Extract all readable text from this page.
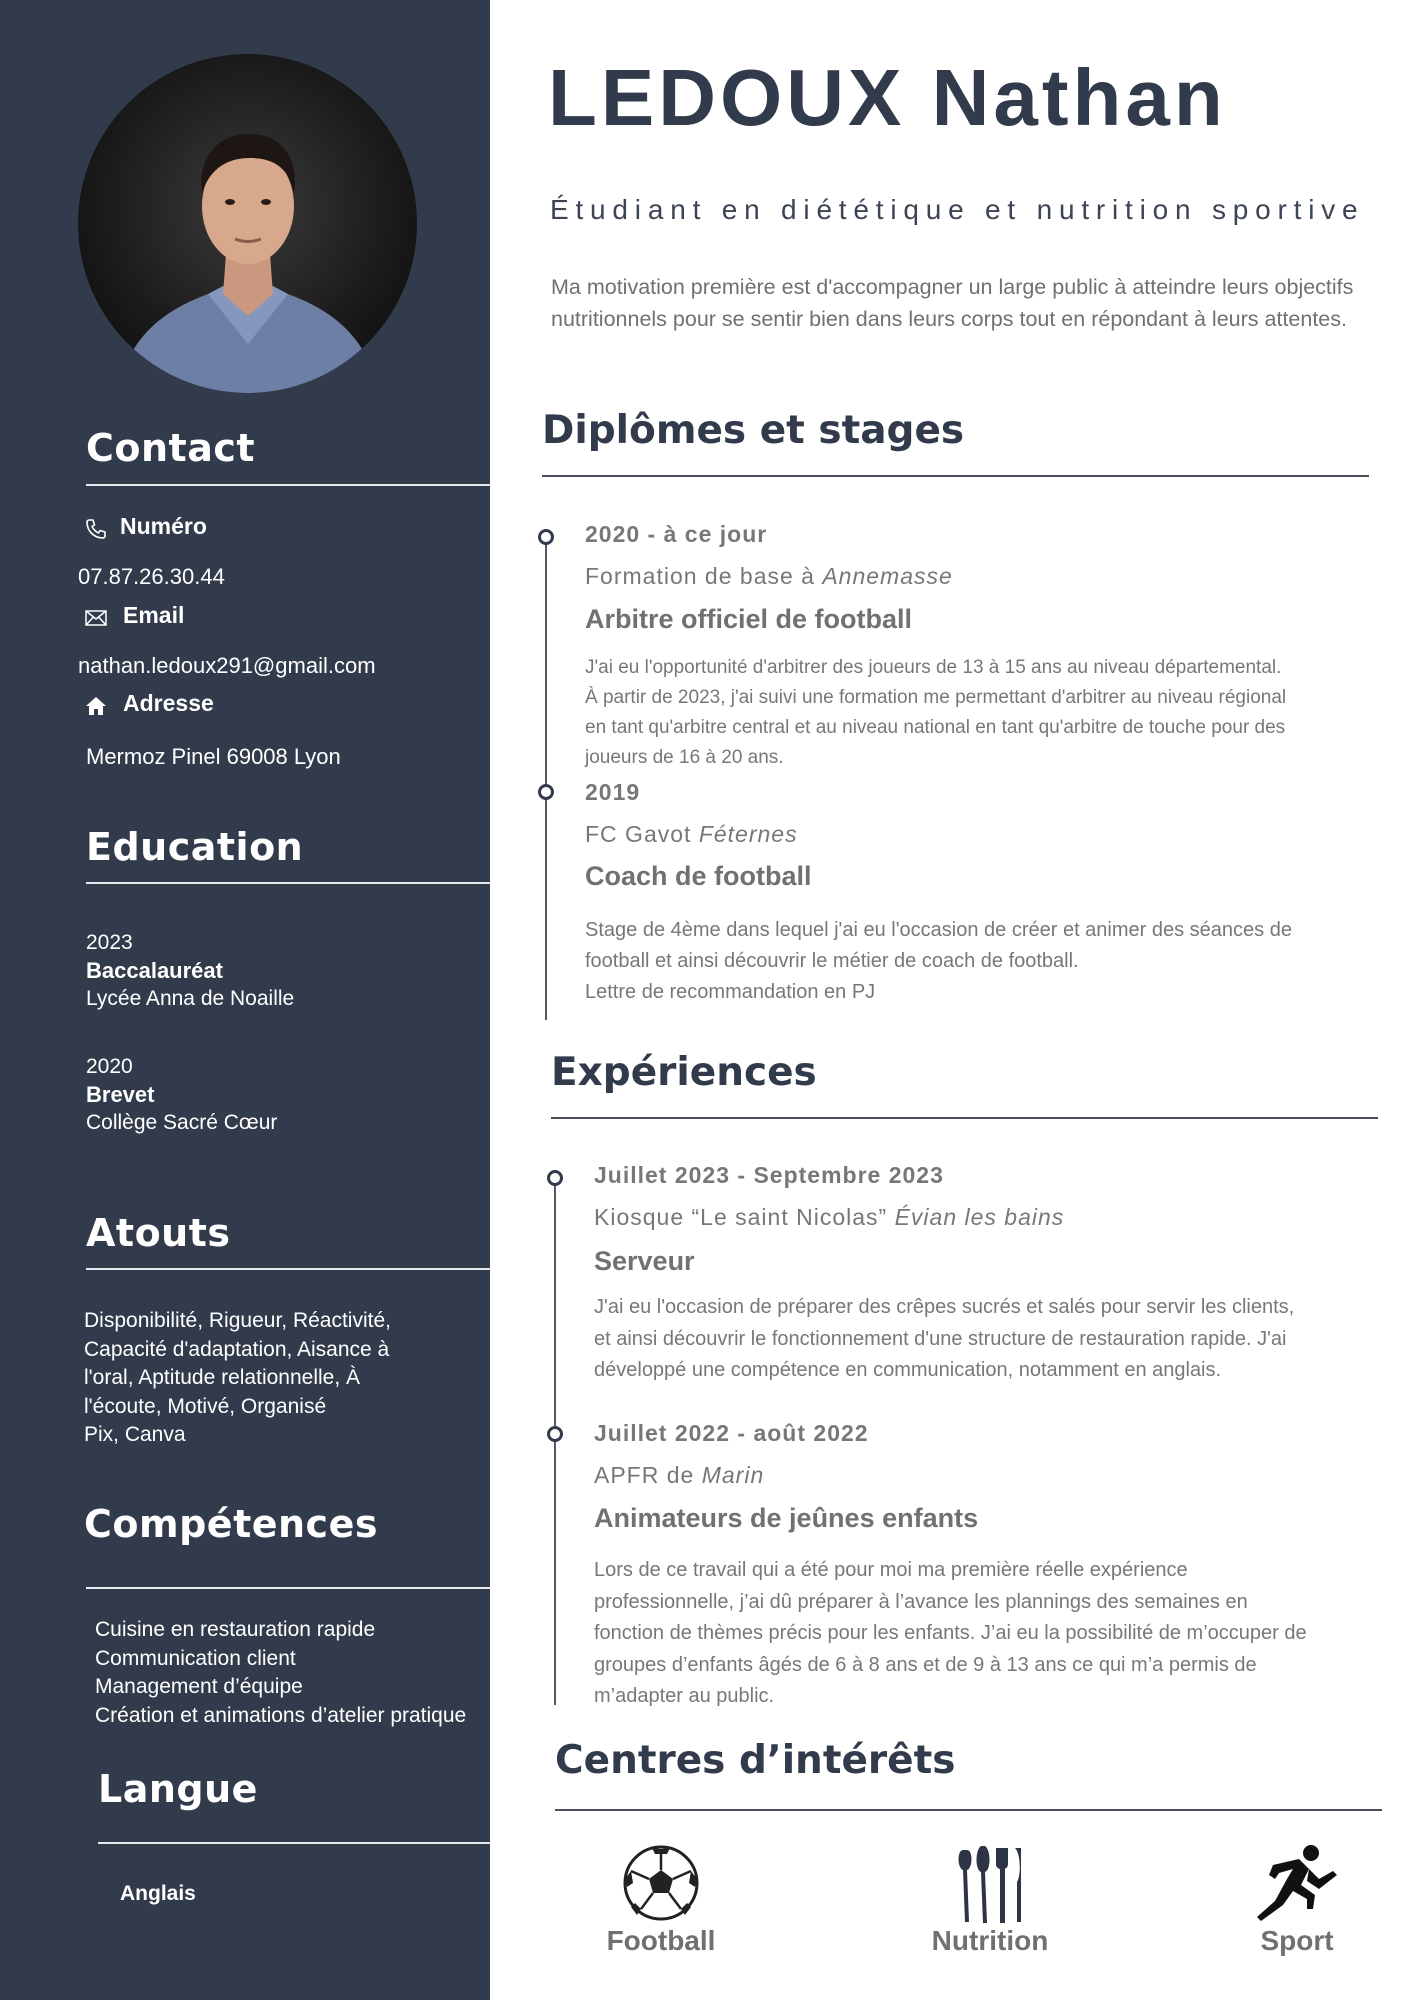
Contact
Numéro
07.87.26.30.44
Email
nathan.ledoux291@gmail.com
Adresse
Mermoz Pinel 69008 Lyon
Education
2023
Baccalauréat
Lycée Anna de Noaille
2020
Brevet
Collège Sacré Cœur
Atouts
Disponibilité, Rigueur, Réactivité,
Capacité d'adaptation, Aisance à
l'oral, Aptitude relationnelle, À
l'écoute, Motivé, Organisé
Pix, Canva
Compétences
Cuisine en restauration rapide
Communication client
Management d’équipe
Création et animations d’atelier pratique
Langue
Anglais
LEDOUX Nathan
Étudiant en diététique et nutrition sportive

Ma motivation première est d'accompagner un large public à atteindre leurs objectifs nutritionnels pour se sentir bien dans leurs corps tout en répondant à leurs attentes.

Diplômes et stages
2020 - à ce jour
Formation de base à Annemasse
Arbitre officiel de football
J'ai eu l'opportunité d'arbitrer des joueurs de 13 à 15 ans au niveau départemental.
À partir de 2023, j'ai suivi une formation me permettant d'arbitrer au niveau régional
en tant qu'arbitre central et au niveau national en tant qu'arbitre de touche pour des
joueurs de 16 à 20 ans.
2019
FC Gavot Féternes
Coach de football
Stage de 4ème dans lequel j'ai eu l'occasion de créer et animer des séances de
football et ainsi découvrir le métier de coach de football.
Lettre de recommandation en PJ
Expériences
Juillet 2023 - Septembre 2023
Kiosque “Le saint Nicolas” Évian les bains
Serveur
J'ai eu l'occasion de préparer des crêpes sucrés et salés pour servir les clients,
et ainsi découvrir le fonctionnement d'une structure de restauration rapide. J'ai
développé une compétence en communication, notamment en anglais.
Juillet 2022 - août 2022
APFR de Marin
Animateurs de jeûnes enfants
Lors de ce travail qui a été pour moi ma première réelle expérience
professionnelle, j’ai dû préparer à l’avance les plannings des semaines en
fonction de thèmes précis pour les enfants. J’ai eu la possibilité de m’occuper de
groupes d’enfants âgés de 6 à 8 ans et de 9 à 13 ans ce qui m’a permis de
m’adapter au public.
Centres d’intérêts
Football	Nutrition	Sport
